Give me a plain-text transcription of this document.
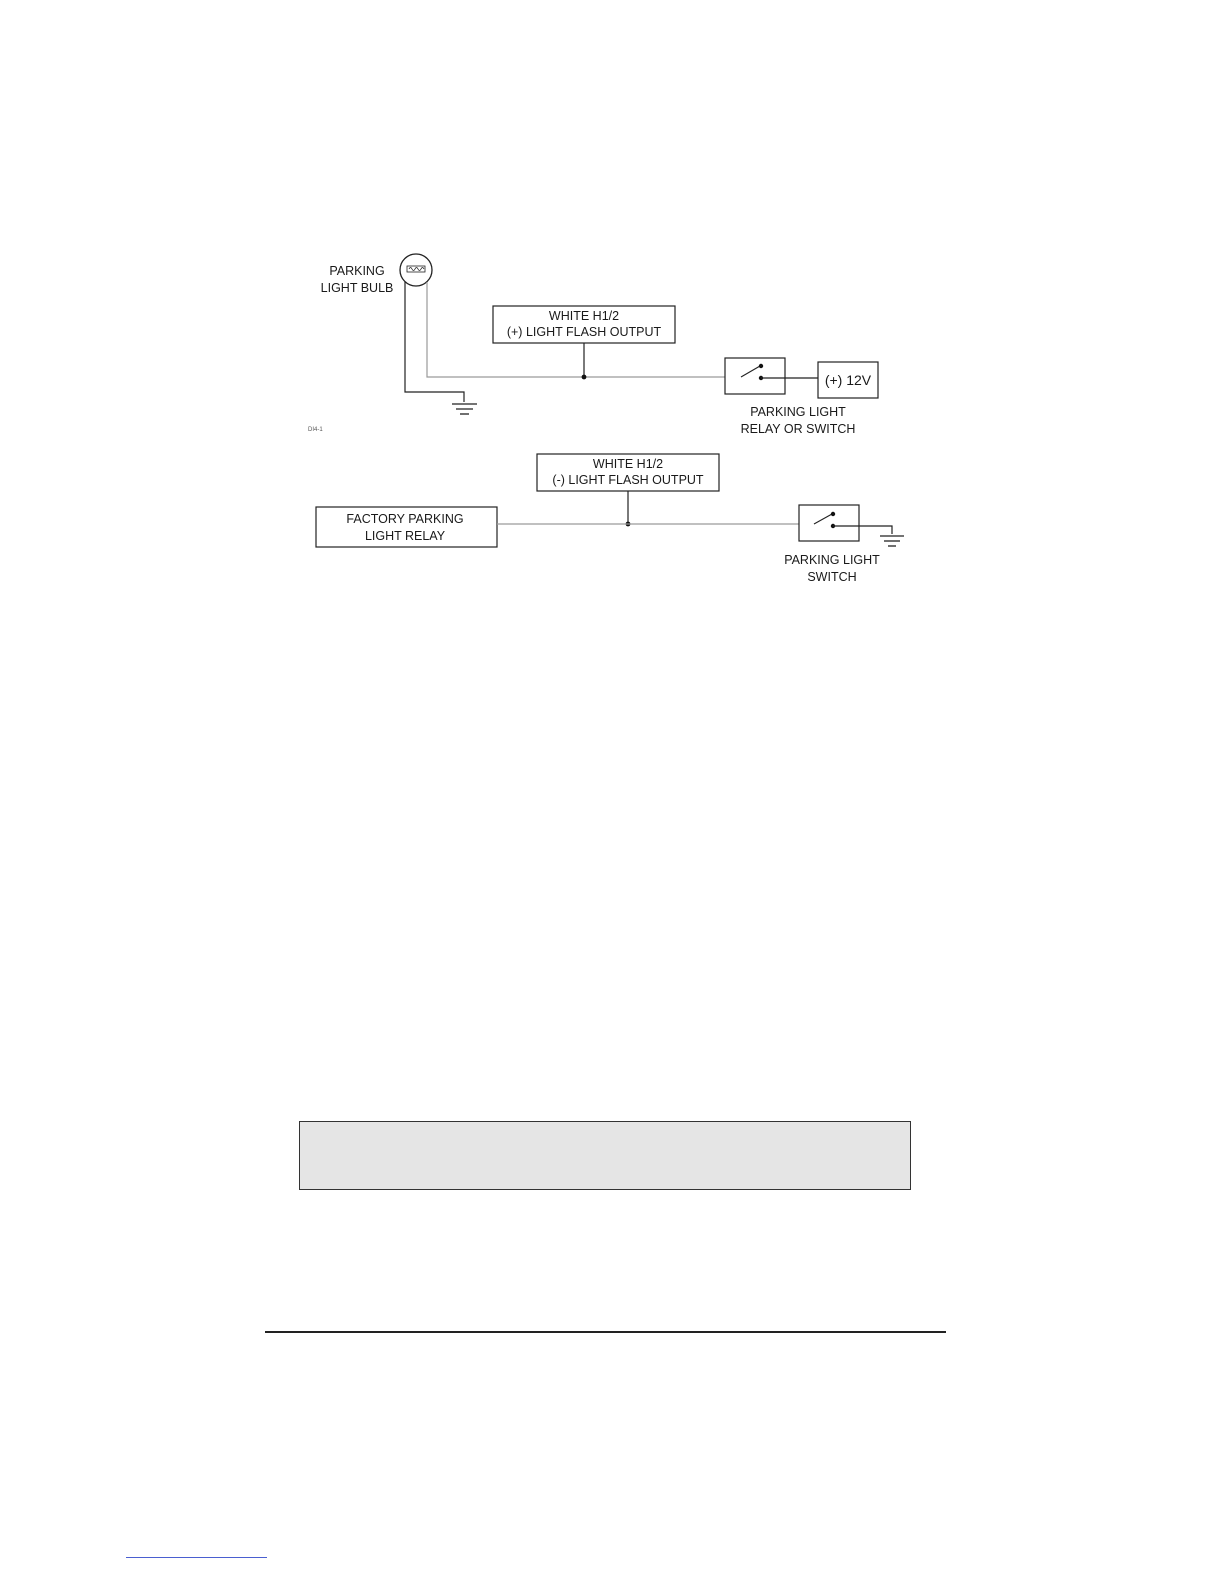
PARKING
LIGHT BULB
WHITE H1/2
(+) LIGHT FLASH OUTPUT
PARKING LIGHT
RELAY OR SWITCH
(+) 12V
DI4-1
WHITE H1/2
(-) LIGHT FLASH OUTPUT
FACTORY PARKING
LIGHT RELAY
PARKING LIGHT
SWITCH
